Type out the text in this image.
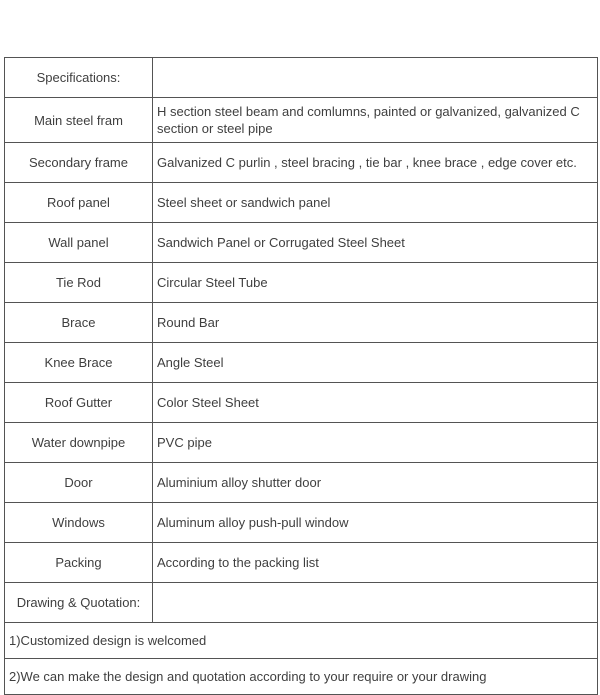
Specifications:	
Main steel fram	H section steel beam and comlumns, painted or galvanized, galvanized C section or steel pipe
Secondary frame	Galvanized C purlin , steel bracing , tie bar , knee brace , edge cover etc.
Roof panel	Steel sheet or sandwich panel
Wall panel	Sandwich Panel or Corrugated Steel Sheet
Tie Rod	Circular Steel Tube
Brace	Round Bar
Knee Brace	Angle Steel
Roof Gutter	Color Steel Sheet
Water downpipe	PVC pipe
Door	Aluminium alloy shutter door
Windows	Aluminum alloy push-pull window
Packing	According to the packing list
Drawing & Quotation:	
1)Customized design is welcomed	
2)We can make the design and quotation according to your require or your drawing	
